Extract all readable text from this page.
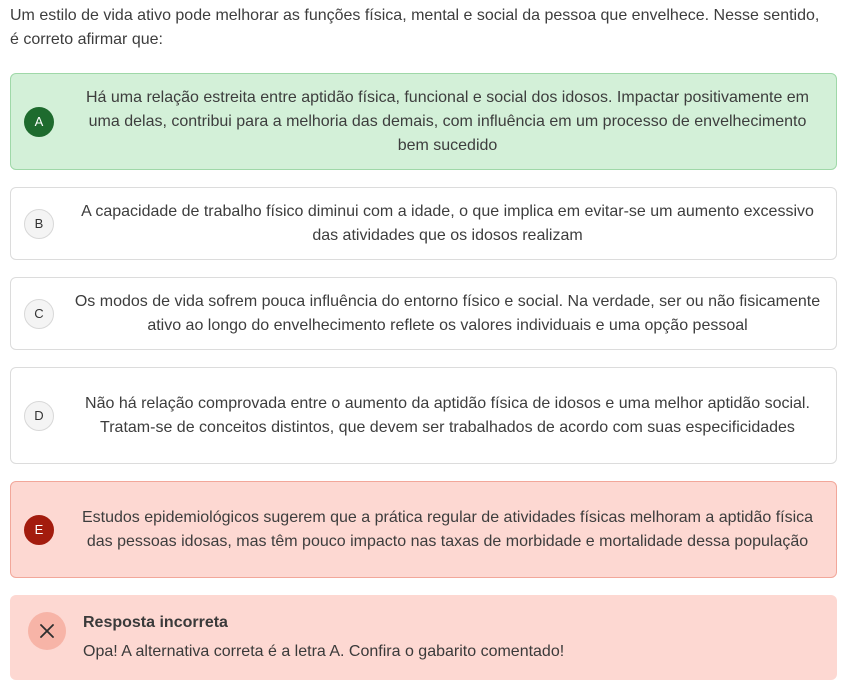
Um estilo de vida ativo pode melhorar as funções física, mental e social da pessoa que envelhece. Nesse sentido, é correto afirmar que:
A
Há uma relação estreita entre aptidão física, funcional e social dos idosos. Impactar positivamente em uma delas, contribui para a melhoria das demais, com influência em um processo de envelhecimento bem sucedido
B
A capacidade de trabalho físico diminui com a idade, o que implica em evitar-se um aumento excessivo das atividades que os idosos realizam
C
Os modos de vida sofrem pouca influência do entorno físico e social. Na verdade, ser ou não fisicamente ativo ao longo do envelhecimento reflete os valores individuais e uma opção pessoal
D
Não há relação comprovada entre o aumento da aptidão física de idosos e uma melhor aptidão social. Tratam-se de conceitos distintos, que devem ser trabalhados de acordo com suas especificidades
E
Estudos epidemiológicos sugerem que a prática regular de atividades físicas melhoram a aptidão física das pessoas idosas, mas têm pouco impacto nas taxas de morbidade e mortalidade dessa população
Resposta incorreta
Opa! A alternativa correta é a letra A. Confira o gabarito comentado!
